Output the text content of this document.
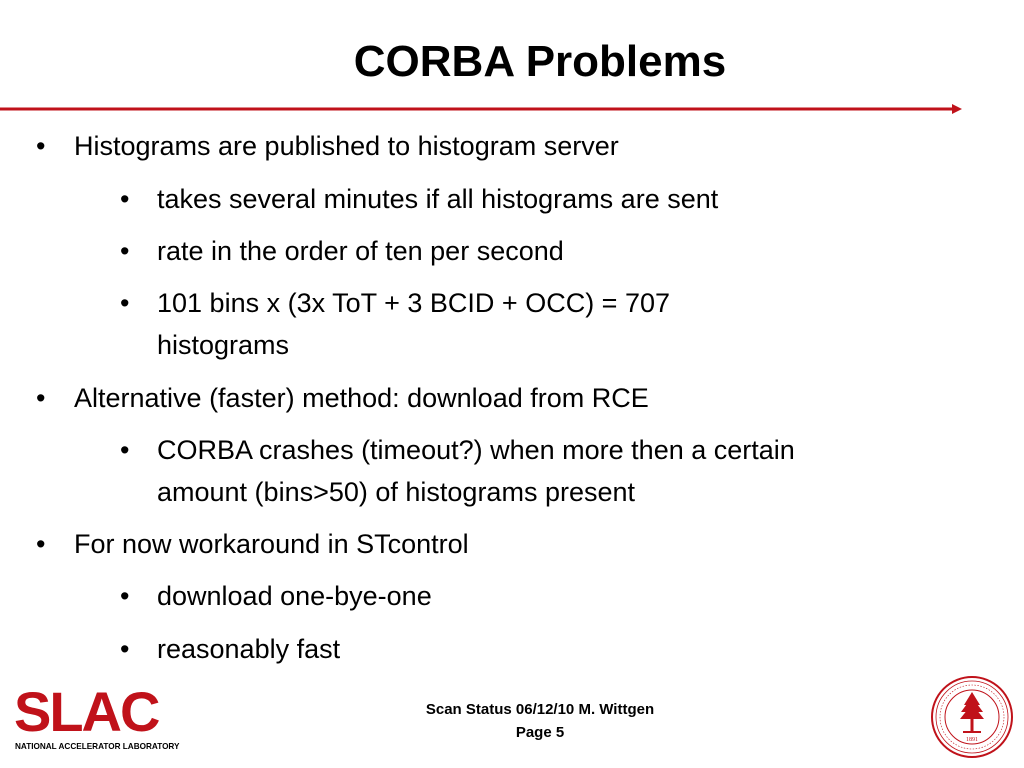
CORBA Problems
• Histograms are published to histogram server
• takes several minutes if all histograms are sent
• rate in the order of ten per second
• 101 bins x (3x ToT + 3 BCID + OCC) = 707
histograms
• Alternative (faster) method: download from RCE
• CORBA crashes (timeout?) when more then a certain
amount (bins>50) of histograms present
• For now workaround in STcontrol
• download one-bye-one
• reasonably fast
SLAC
NATIONAL ACCELERATOR LABORATORY
Scan Status 06/12/10 M. Wittgen
Page 5	1891
